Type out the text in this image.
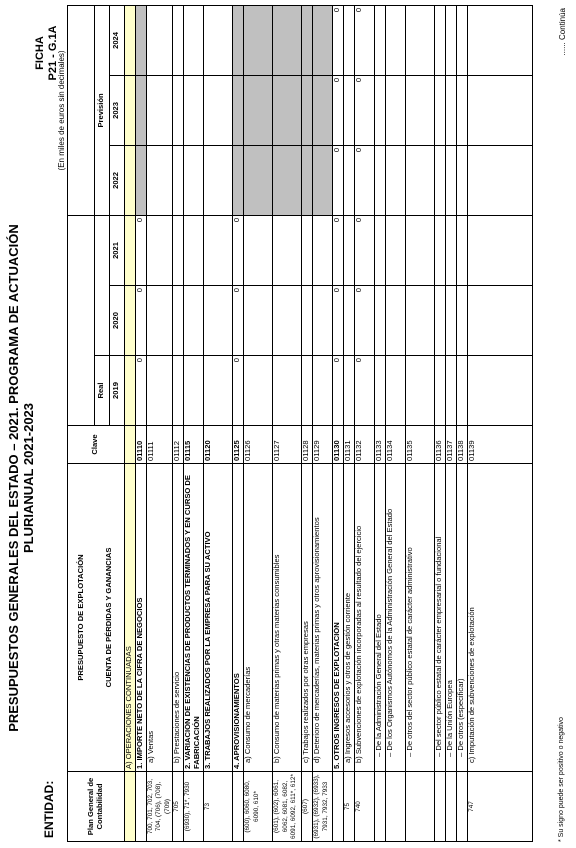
PRESUPUESTOS GENERALES DEL ESTADO – 2021. PROGRAMA DE ACTUACIÓN PLURIANUAL 2021-2023
FICHA P21 - G.1A
ENTIDAD:
						(En miles de euros sin decimales)		
Plan General de Contabilidad	PRESUPUESTO DE EXPLOTACIÓN	Clave						
	CUENTA DE PÉRDIDAS Y GANANCIAS		Real			Previsión		
			2019	2020	2021	2022	2023	2024
	A) OPERACIONES CONTINUADAS							
	1. IMPORTE NETO DE LA CIFRA DE NEGOCIOS	01110	0	0	0			
700, 701, 702, 703, 704, (706), (708), (709)	a) Ventas	01111						
705	b) Prestaciones de servicio	01112						
(6930), 71*, 7930	2. VARIACIÓN DE EXISTENCIAS DE PRODUCTOS TERMINADOS Y EN CURSO DE FABRICACIÓN	01115						
73	3. TRABAJOS REALIZADOS POR LA EMPRESA PARA SU ACTIVO	01120						
	4. APROVISIONAMIENTOS	01125	0	0	0			
(600), 6060, 6080, 6090, 610*	a) Consumo de mercaderías	01126						
(601), (602), 6061, 6062, 6081, 6082, 6091, 6092, 611*, 612*	b) Consumo de materias primas y otras materias consumibles	01127						
(607)	c) Trabajos realizados por otras empresas	01128						
(6931), (6932), (6933), 7931, 7932, 7933	d) Deterioro de mercaderías, materias primas y otros aprovisionamientos	01129						
	5. OTROS INGRESOS DE EXPLOTACIÓN	01130	0	0	0	0	0	0
75	a) Ingresos accesorios y otros de gestión corriente	01131						
740	b) Subvenciones de explotación incorporadas al resultado del ejercicio	01132	0	0	0	0	0	0
	– De la Administración General del Estado	01133						
	– De los Organismos Autónomos de la Administración General del Estado	01134						
	– De otros del sector público estatal de carácter administrativo	01135						
	– Del sector público estatal de carácter empresarial o fundacional	01136						
	– De la Unión Europea	01137						
	– De otros (especificar)	01138						
747	c) Imputación de subvenciones de explotación	01139						
* Su signo puede ser positivo o negativo
...... Continúa
